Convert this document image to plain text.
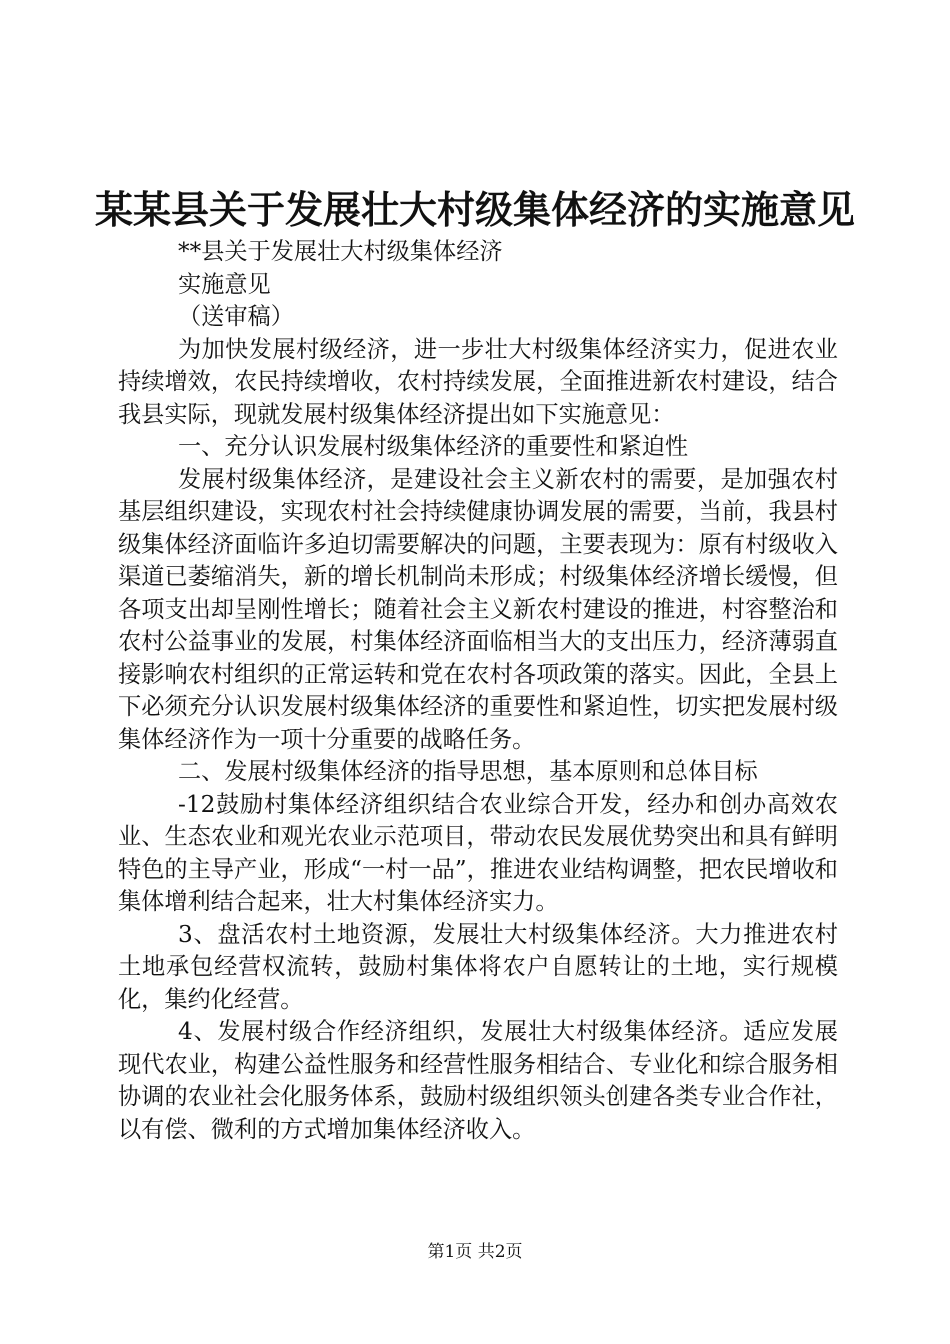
某某县关于发展壮大村级集体经济的实施意见

**县关于发展壮大村级集体经济

实施意见

（送审稿）

为加快发展村级经济，进一步壮大村级集体经济实力，促进农业持续增效，农民持续增收，农村持续发展，全面推进新农村建设，结合我县实际，现就发展村级集体经济提出如下实施意见：

一、充分认识发展村级集体经济的重要性和紧迫性

发展村级集体经济，是建设社会主义新农村的需要，是加强农村基层组织建设，实现农村社会持续健康协调发展的需要，当前，我县村级集体经济面临许多迫切需要解决的问题，主要表现为：原有村级收入渠道已萎缩消失，新的增长机制尚未形成；村级集体经济增长缓慢，但各项支出却呈刚性增长；随着社会主义新农村建设的推进，村容整治和农村公益事业的发展，村集体经济面临相当大的支出压力，经济薄弱直接影响农村组织的正常运转和党在农村各项政策的落实。因此，全县上下必须充分认识发展村级集体经济的重要性和紧迫性，切实把发展村级集体经济作为一项十分重要的战略任务。

二、发展村级集体经济的指导思想，基本原则和总体目标

-12鼓励村集体经济组织结合农业综合开发，经办和创办高效农业、生态农业和观光农业示范项目，带动农民发展优势突出和具有鲜明特色的主导产业，形成“一村一品”，推进农业结构调整，把农民增收和集体增利结合起来，壮大村集体经济实力。

3、盘活农村土地资源，发展壮大村级集体经济。大力推进农村土地承包经营权流转，鼓励村集体将农户自愿转让的土地，实行规模化，集约化经营。

4、发展村级合作经济组织，发展壮大村级集体经济。适应发展现代农业，构建公益性服务和经营性服务相结合、专业化和综合服务相协调的农业社会化服务体系，鼓励村级组织领头创建各类专业合作社，以有偿、微利的方式增加集体经济收入。

第1页 共2页
